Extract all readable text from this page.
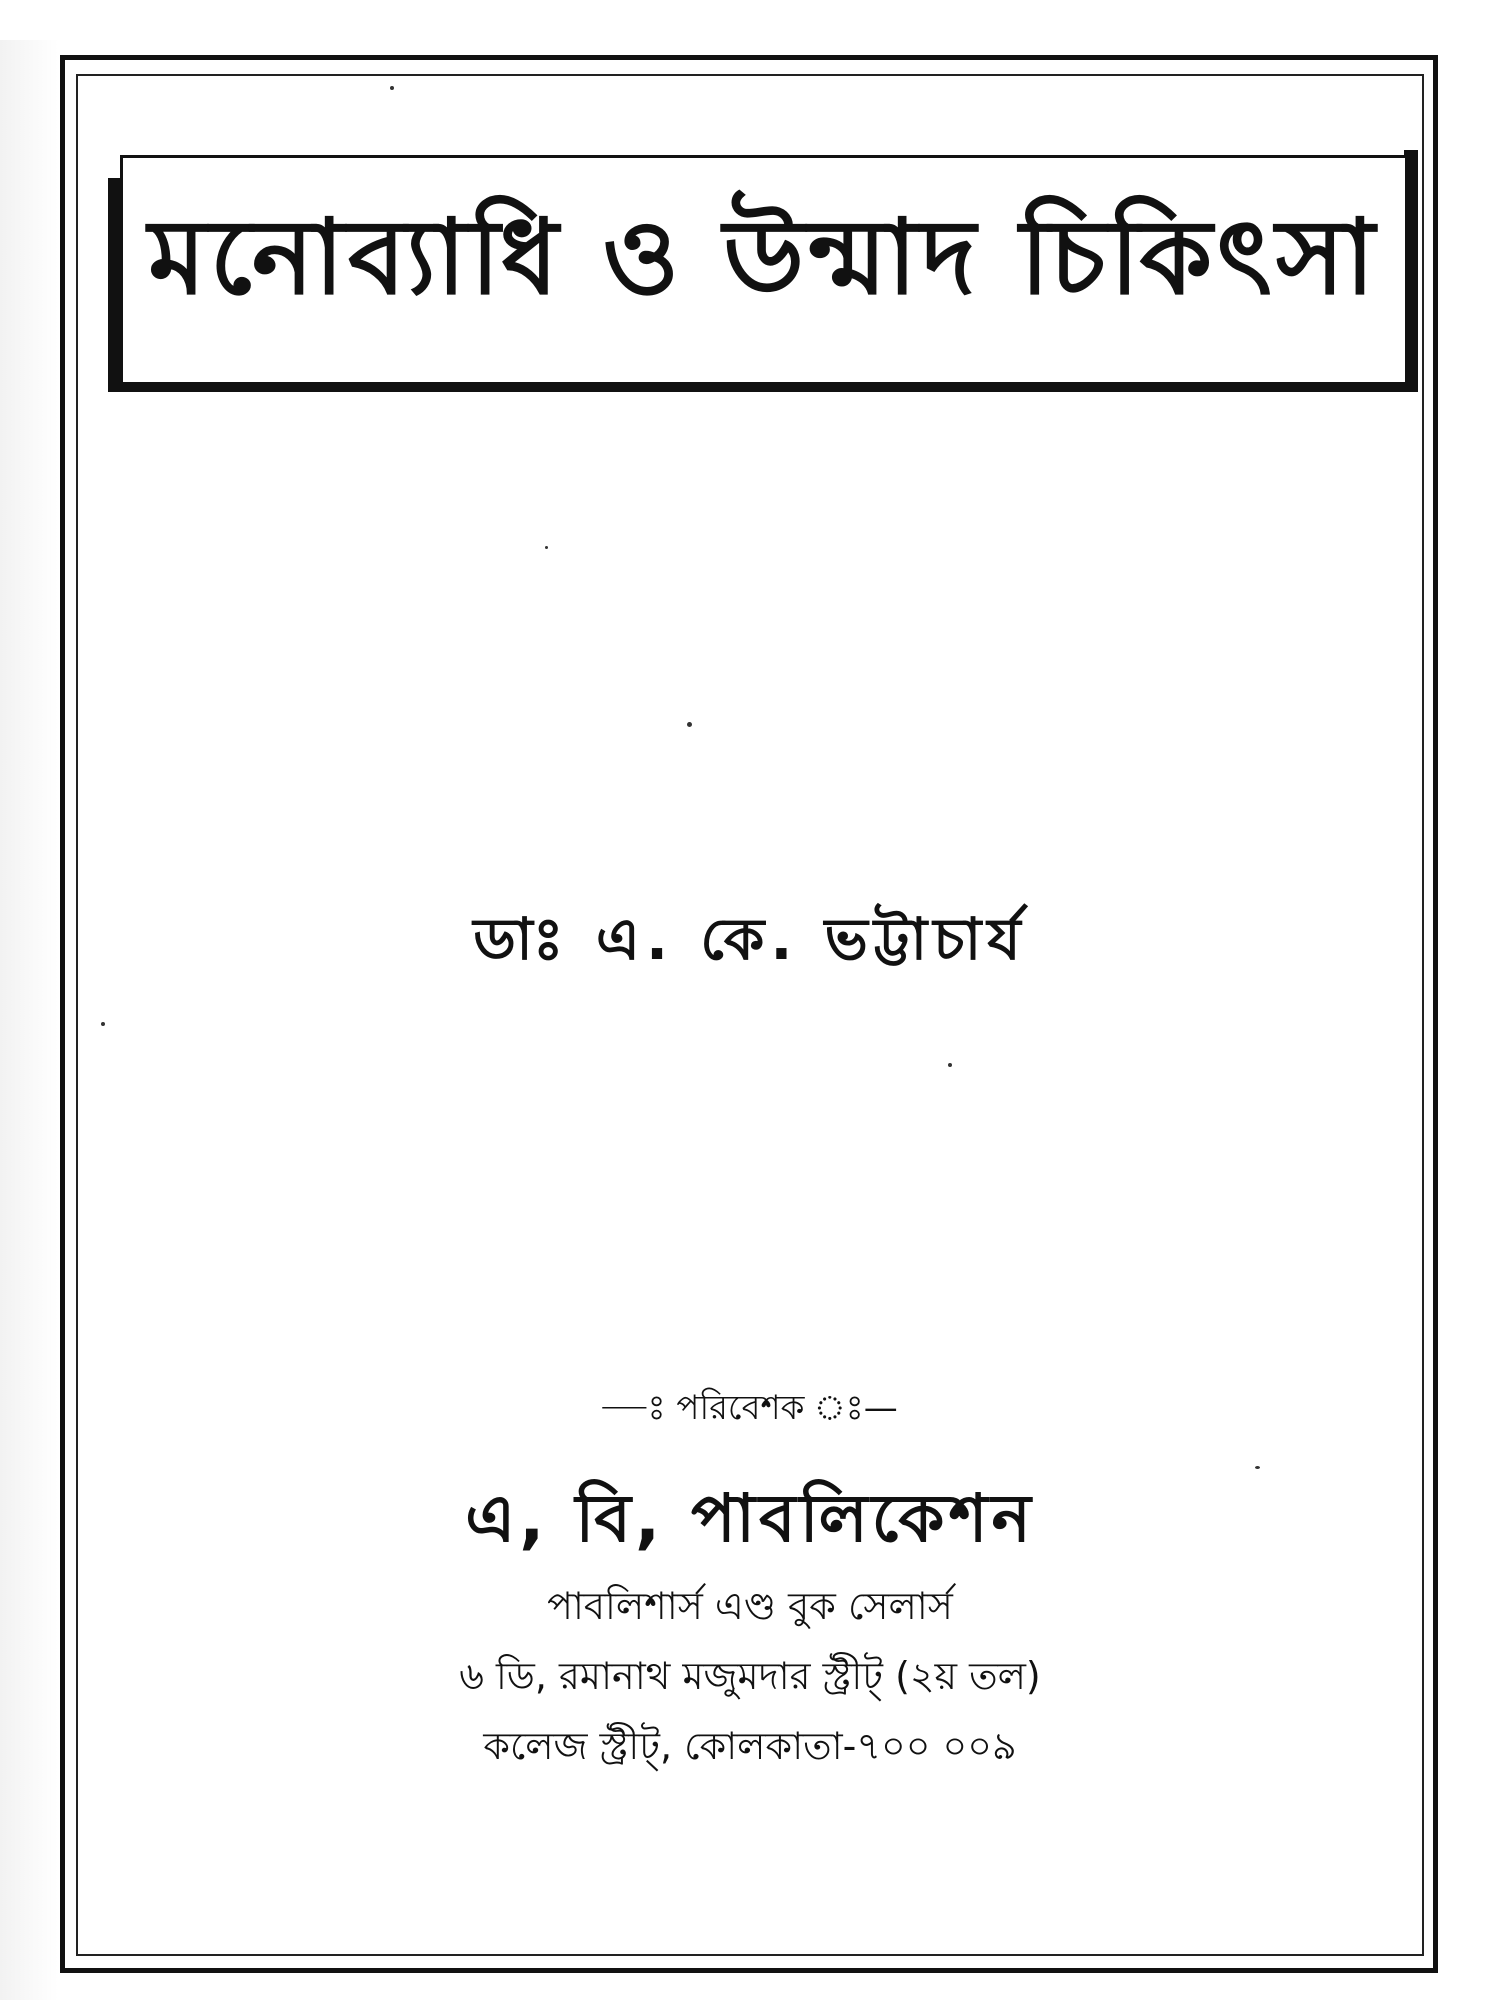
মনোব্যাধি ও উন্মাদ চিকিৎসা
ডাঃ এ. কে. ভট্টাচার্য
—ঃ পরিবেশক ঃ—
এ, বি, পাবলিকেশন
পাবলিশার্স এণ্ড বুক সেলার্স
৬ ডি, রমানাথ মজুমদার স্ট্রীট্ (২য় তল)
কলেজ স্ট্রীট্, কোলকাতা-৭০০ ০০৯
